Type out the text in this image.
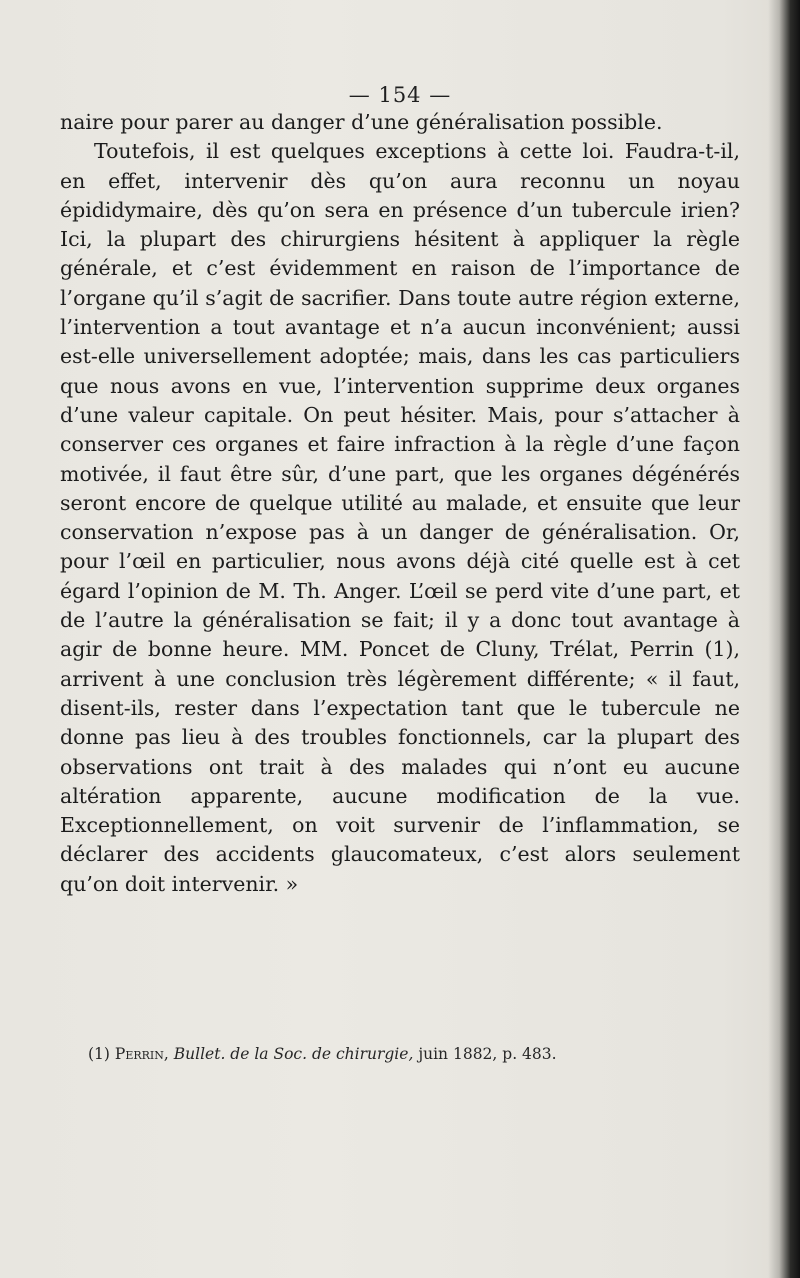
— 154 —

naire pour parer au danger d’une généralisation possible.

Toutefois, il est quelques exceptions à cette loi. Faudra-t-il, en effet, intervenir dès qu’on aura reconnu un noyau épididymaire, dès qu’on sera en présence d’un tubercule irien? Ici, la plupart des chirurgiens hésitent à appliquer la règle générale, et c’est évidemment en raison de l’importance de l’organe qu’il s’agit de sacrifier. Dans toute autre région externe, l’intervention a tout avantage et n’a aucun inconvénient; aussi est-elle universellement adoptée; mais, dans les cas particuliers que nous avons en vue, l’intervention supprime deux organes d’une valeur capitale. On peut hésiter. Mais, pour s’attacher à conserver ces organes et faire infraction à la règle d’une façon motivée, il faut être sûr, d’une part, que les organes dégénérés seront encore de quelque utilité au malade, et ensuite que leur conservation n’expose pas à un danger de généralisation. Or, pour l’œil en particulier, nous avons déjà cité quelle est à cet égard l’opinion de M. Th. Anger. L’œil se perd vite d’une part, et de l’autre la généralisation se fait; il y a donc tout avantage à agir de bonne heure. MM. Poncet de Cluny, Trélat, Perrin (1), arrivent à une conclusion très légèrement différente; « il faut, disent-ils, rester dans l’expectation tant que le tubercule ne donne pas lieu à des troubles fonctionnels, car la plupart des observations ont trait à des malades qui n’ont eu aucune altération apparente, aucune modification de la vue. Exceptionnellement, on voit survenir de l’inflammation, se déclarer des accidents glaucomateux, c’est alors seulement qu’on doit intervenir. »

(1) Perrin, Bullet. de la Soc. de chirurgie, juin 1882, p. 483.
